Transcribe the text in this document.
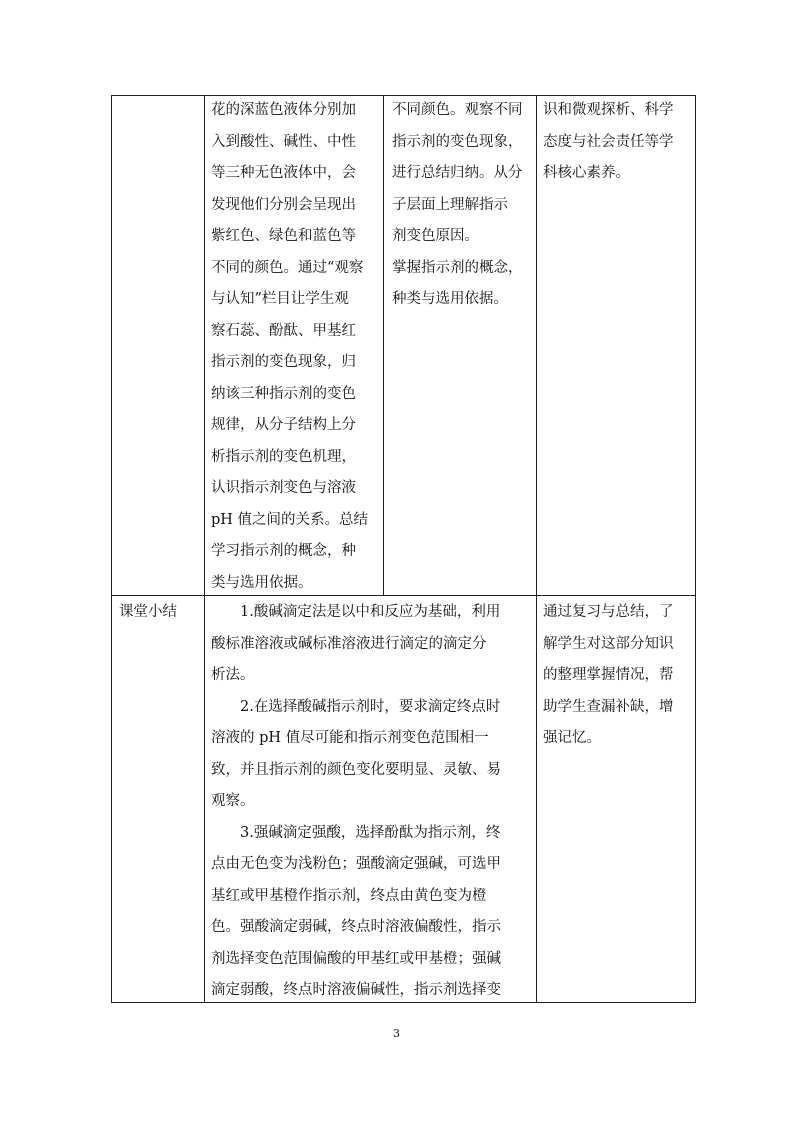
花的深蓝色液体分别加
入到酸性、碱性、中性
等三种无色液体中，会
发现他们分别会呈现出
紫红色、绿色和蓝色等
不同的颜色。通过“观察
与认知”栏目让学生观
察石蕊、酚酞、甲基红
指示剂的变色现象，归
纳该三种指示剂的变色
规律，从分子结构上分
析指示剂的变色机理，
认识指示剂变色与溶液
pH 值之间的关系。总结
学习指示剂的概念，种
类与选用依据。
不同颜色。观察不同
指示剂的变色现象，
进行总结归纳。从分
子层面上理解指示
剂变色原因。
掌握指示剂的概念，
种类与选用依据。
识和微观探析、科学
态度与社会责任等学
科核心素养。
课堂小结	1.酸碱滴定法是以中和反应为基础，利用
酸标准溶液或碱标准溶液进行滴定的滴定分
析法。
2.在选择酸碱指示剂时，要求滴定终点时
溶液的 pH 值尽可能和指示剂变色范围相一
致，并且指示剂的颜色变化要明显、灵敏、易
观察。
3.强碱滴定强酸，选择酚酞为指示剂，终
点由无色变为浅粉色；强酸滴定强碱，可选甲
基红或甲基橙作指示剂，终点由黄色变为橙
色。强酸滴定弱碱，终点时溶液偏酸性，指示
剂选择变色范围偏酸的甲基红或甲基橙；强碱
滴定弱酸，终点时溶液偏碱性，指示剂选择变
通过复习与总结，了
解学生对这部分知识
的整理掌握情况，帮
助学生查漏补缺，增
强记忆。
3
